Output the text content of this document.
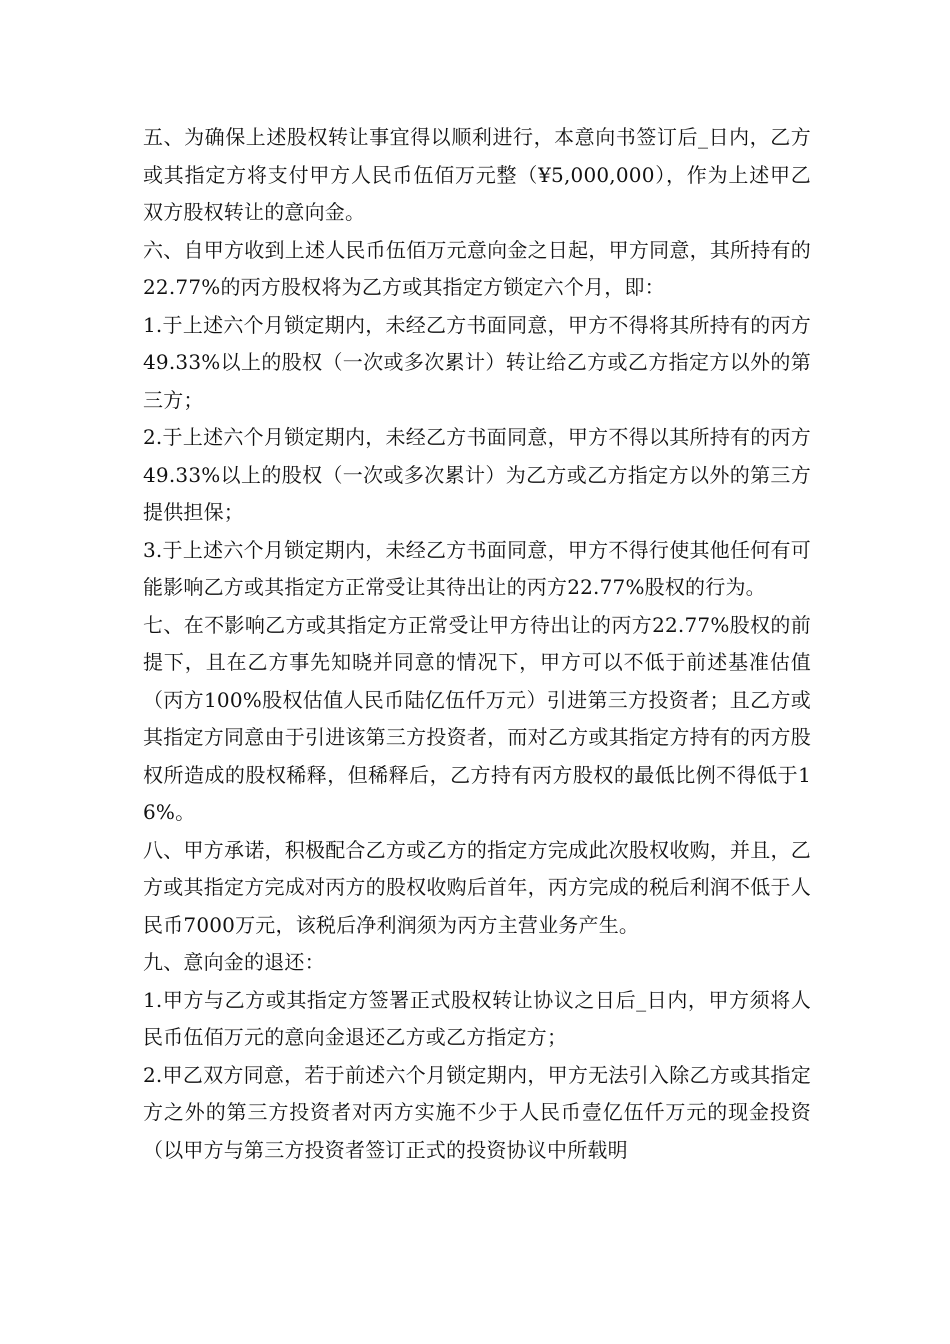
五、为确保上述股权转让事宜得以顺利进行，本意向书签订后_日内，乙方或其指定方将支付甲方人民币伍佰万元整（¥5,000,000），作为上述甲乙双方股权转让的意向金。

六、自甲方收到上述人民币伍佰万元意向金之日起，甲方同意，其所持有的22.77%的丙方股权将为乙方或其指定方锁定六个月，即：

1.于上述六个月锁定期内，未经乙方书面同意，甲方不得将其所持有的丙方49.33%以上的股权（一次或多次累计）转让给乙方或乙方指定方以外的第三方；

2.于上述六个月锁定期内，未经乙方书面同意，甲方不得以其所持有的丙方49.33%以上的股权（一次或多次累计）为乙方或乙方指定方以外的第三方提供担保；

3.于上述六个月锁定期内，未经乙方书面同意，甲方不得行使其他任何有可能影响乙方或其指定方正常受让其待出让的丙方22.77%股权的行为。

七、在不影响乙方或其指定方正常受让甲方待出让的丙方22.77%股权的前提下，且在乙方事先知晓并同意的情况下，甲方可以不低于前述基准估值（丙方100%股权估值人民币陆亿伍仟万元）引进第三方投资者；且乙方或其指定方同意由于引进该第三方投资者，而对乙方或其指定方持有的丙方股权所造成的股权稀释，但稀释后，乙方持有丙方股权的最低比例不得低于16%。

八、甲方承诺，积极配合乙方或乙方的指定方完成此次股权收购，并且，乙方或其指定方完成对丙方的股权收购后首年，丙方完成的税后利润不低于人民币7000万元，该税后净利润须为丙方主营业务产生。

九、意向金的退还：

1.甲方与乙方或其指定方签署正式股权转让协议之日后_日内，甲方须将人民币伍佰万元的意向金退还乙方或乙方指定方；

2.甲乙双方同意，若于前述六个月锁定期内，甲方无法引入除乙方或其指定方之外的第三方投资者对丙方实施不少于人民币壹亿伍仟万元的现金投资（以甲方与第三方投资者签订正式的投资协议中所载明
